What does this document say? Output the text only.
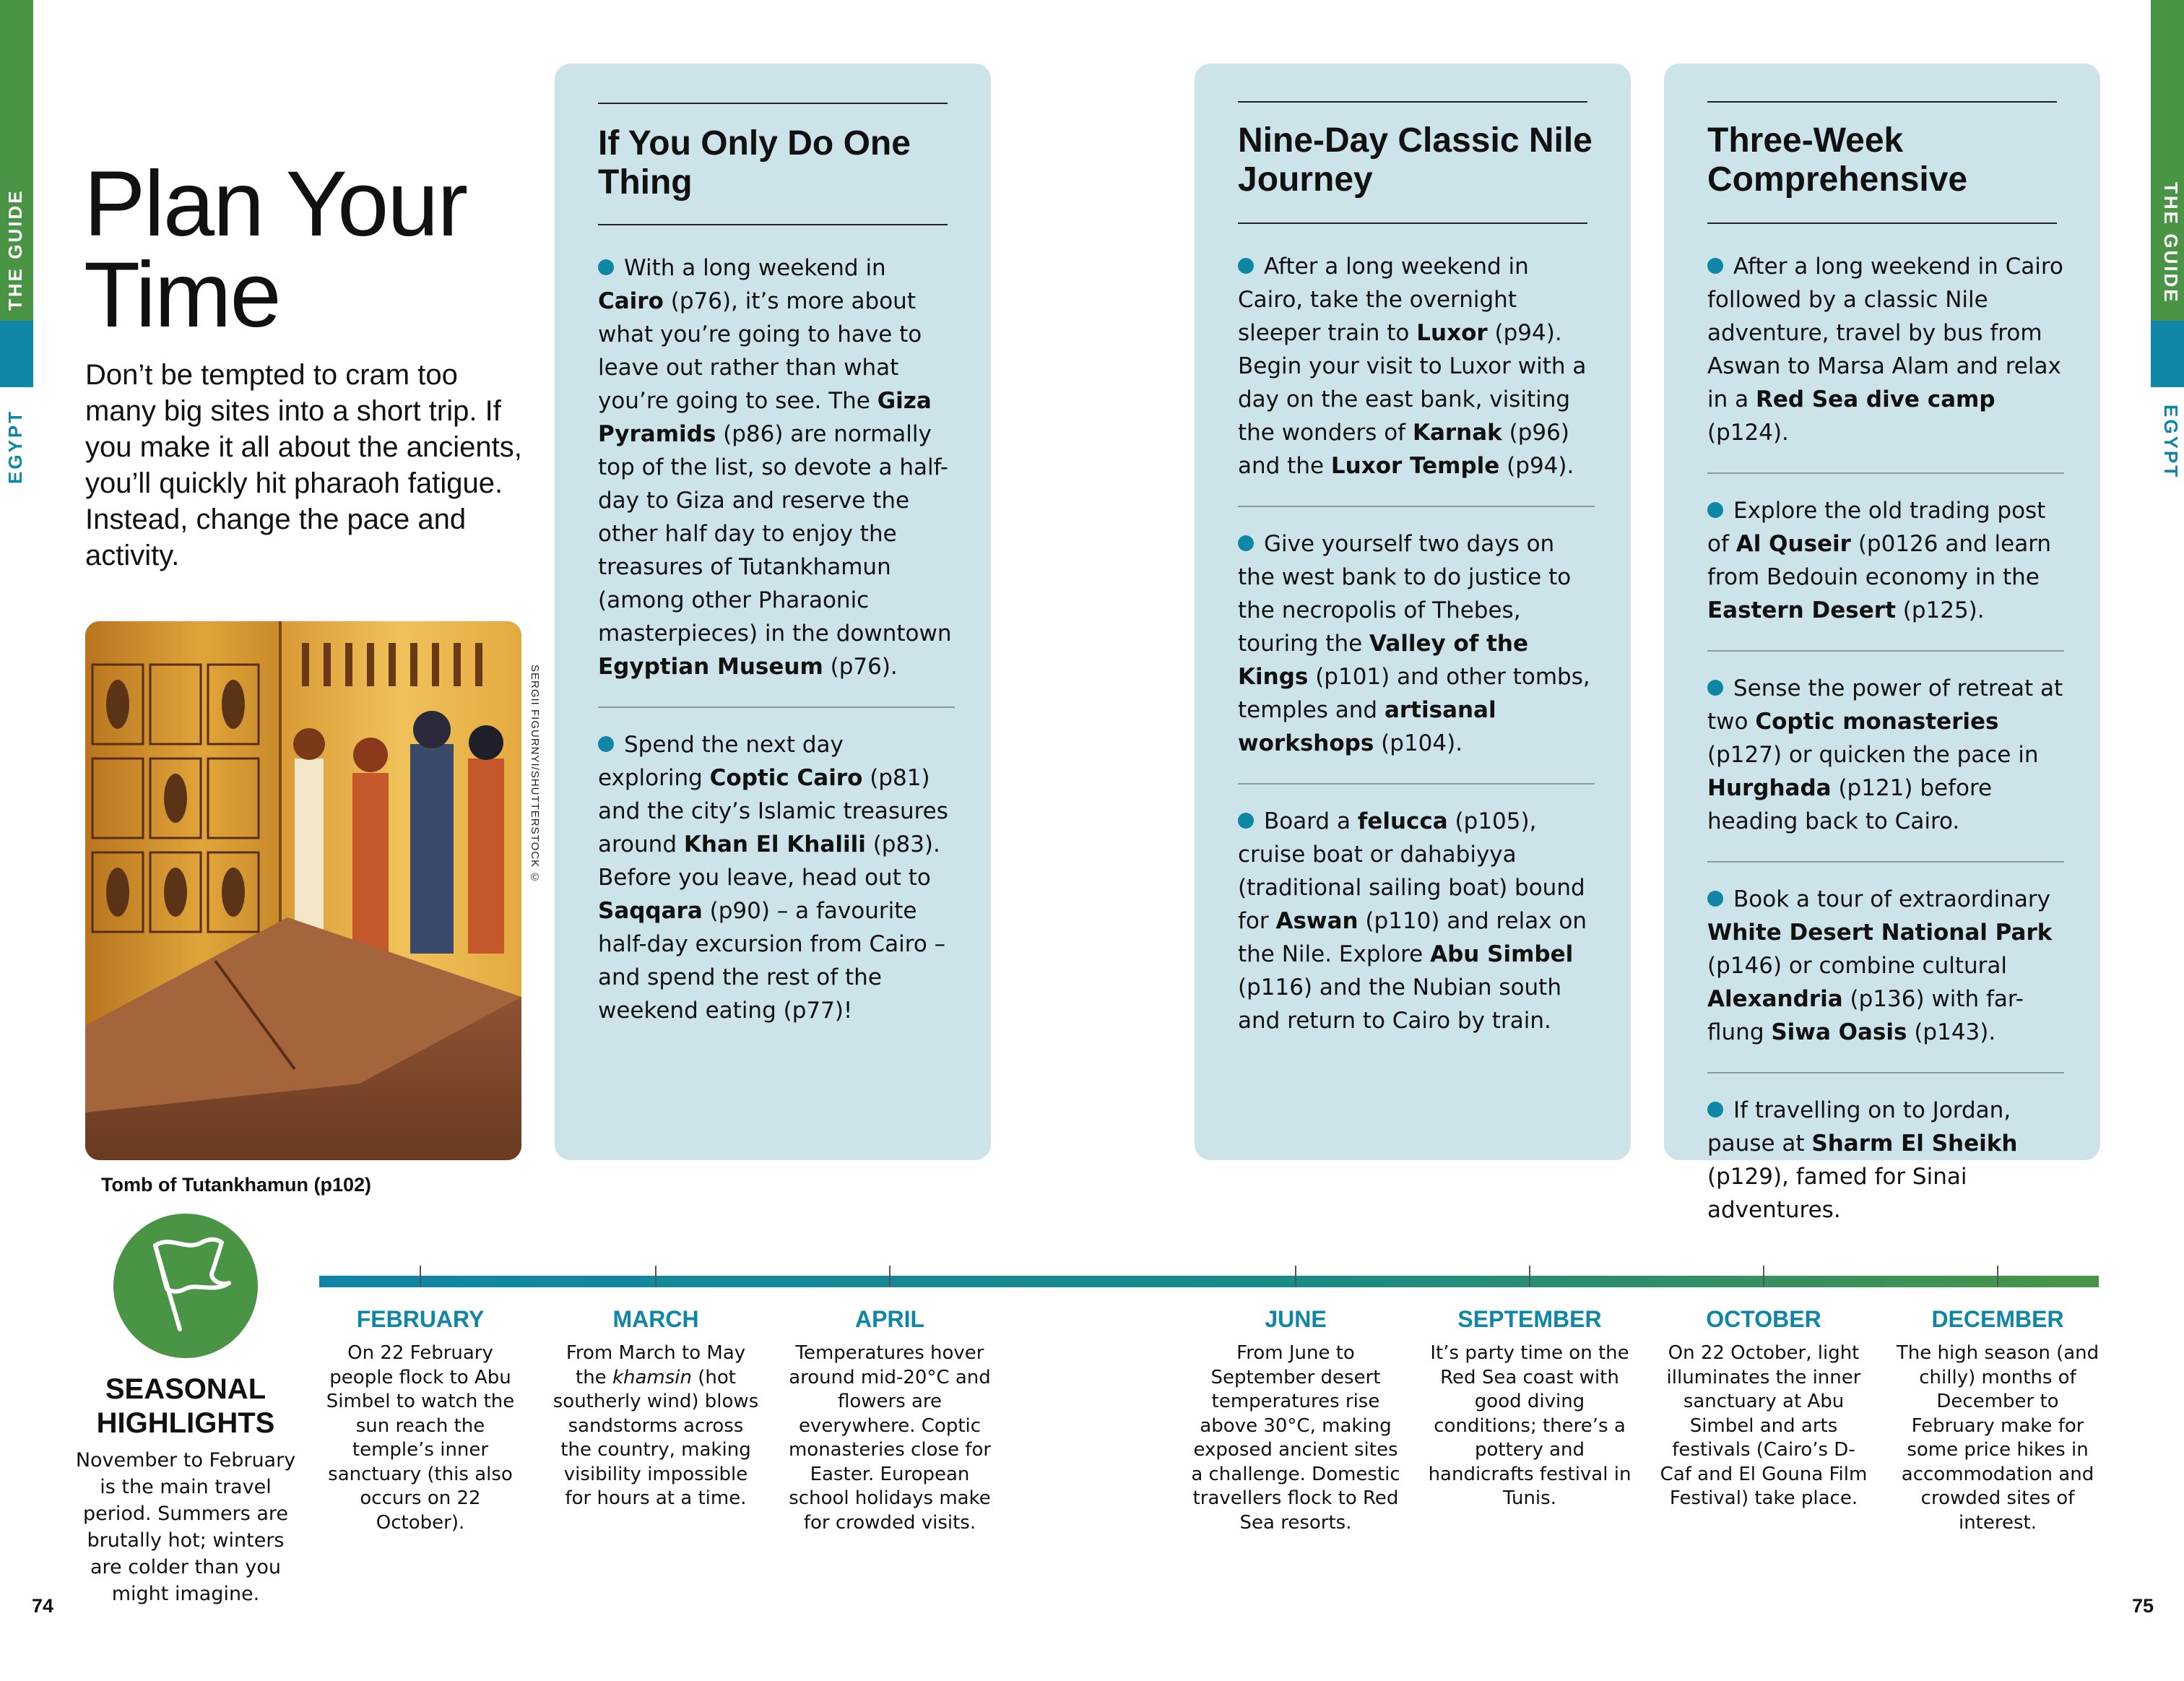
THE GUIDE
EGYPT
THE GUIDE
EGYPT
Plan Your
Time
Don’t be tempted to cram too many big sites into a short trip. If you make it all about the ancients, you’ll quickly hit pharaoh fatigue. Instead, change the pace and activity.
SERGII FIGURNYI/SHUTTERSTOCK ©
Tomb of Tutankhamun (p102)
If You Only Do One Thing
With a long weekend in Cairo (p76), it’s more about what you’re going to have to leave out rather than what you’re going to see. The Giza Pyramids (p86) are normally top of the list, so devote a half-day to Giza and reserve the other half day to enjoy the treasures of Tutankhamun (among other Pharaonic masterpieces) in the downtown Egyptian Museum (p76).
Spend the next day exploring Coptic Cairo (p81) and the city’s Islamic treasures around Khan El Khalili (p83). Before you leave, head out to Saqqara (p90) – a favourite half-day excursion from Cairo – and spend the rest of the weekend eating (p77)!
Nine-Day Classic Nile Journey
After a long weekend in Cairo, take the overnight sleeper train to Luxor (p94). Begin your visit to Luxor with a day on the east bank, visiting the wonders of Karnak (p96) and the Luxor Temple (p94).
Give yourself two days on the west bank to do justice to the necropolis of Thebes, touring the Valley of the Kings (p101) and other tombs, temples and artisanal workshops (p104).
Board a felucca (p105), cruise boat or dahabiyya (traditional sailing boat) bound for Aswan (p110) and relax on the Nile. Explore Abu Simbel (p116) and the Nubian south and return to Cairo by train.
Three-Week Comprehensive
After a long weekend in Cairo followed by a classic Nile adventure, travel by bus from Aswan to Marsa Alam and relax in a Red Sea dive camp (p124).
Explore the old trading post of Al Quseir (p0126 and learn from Bedouin economy in the Eastern Desert (p125).
Sense the power of retreat at two Coptic monasteries (p127) or quicken the pace in Hurghada (p121) before heading back to Cairo.
Book a tour of extraordinary White Desert National Park (p146) or combine cultural Alexandria (p136) with far-flung Siwa Oasis (p143).
If travelling on to Jordan, pause at Sharm El Sheikh (p129), famed for Sinai adventures.
SEASONAL
HIGHLIGHTS
November to February is the main travel period. Summers are brutally hot; winters are colder than you might imagine.
FEBRUARY
On 22 February people flock to Abu Simbel to watch the sun reach the temple’s inner sanctuary (this also occurs on 22 October).
MARCH
From March to May the khamsin (hot southerly wind) blows sandstorms across the country, making visibility impossible for hours at a time.
APRIL
Temperatures hover around mid-20°C and flowers are everywhere. Coptic monasteries close for Easter. European school holidays make for crowded visits.
JUNE
From June to September desert temperatures rise above 30°C, making exposed ancient sites a challenge. Domestic travellers flock to Red Sea resorts.
SEPTEMBER
It’s party time on the Red Sea coast with good diving conditions; there’s a pottery and handicrafts festival in Tunis.
OCTOBER
On 22 October, light illuminates the inner sanctuary at Abu Simbel and arts festivals (Cairo’s D-Caf and El Gouna Film Festival) take place.
DECEMBER
The high season (and chilly) months of December to February make for some price hikes in accommodation and crowded sites of interest.
74	75
